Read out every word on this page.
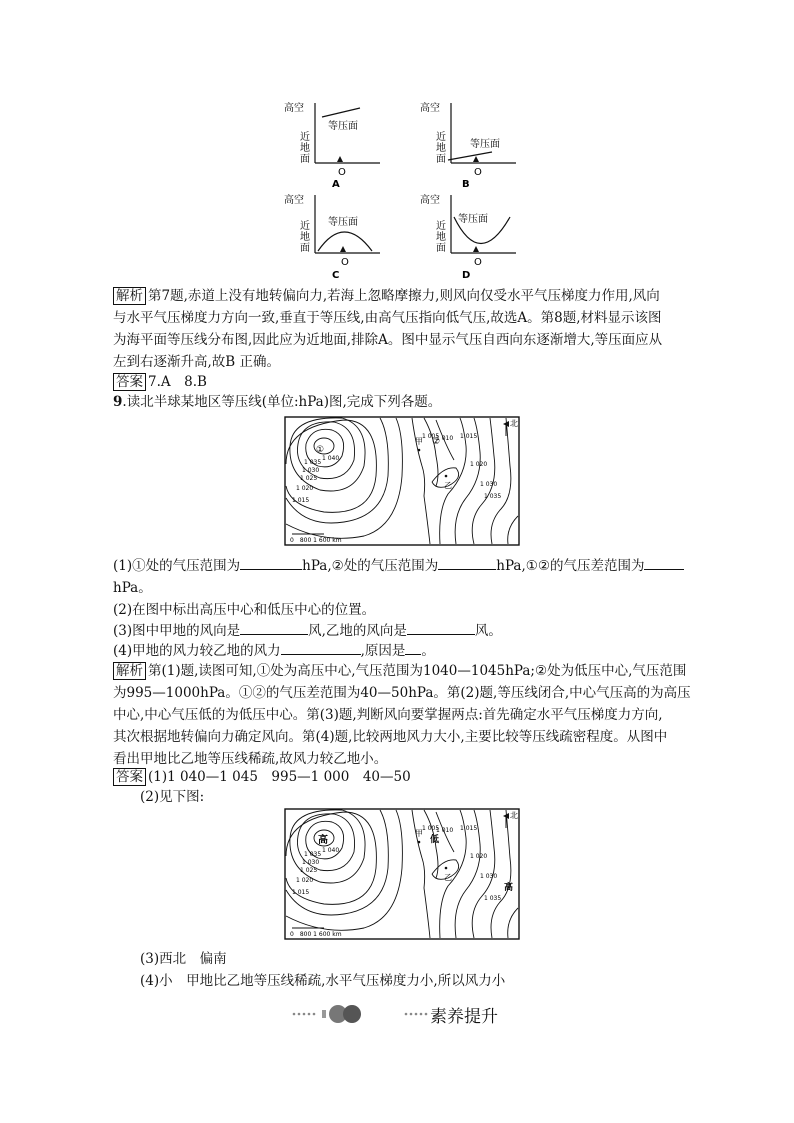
高空
近
地
面
等压面
O
A
高空
近
地
面
等压面
O
B
高空
近
地
面
等压面
O
C
高空
近
地
面
等压面
O
D
解析 第7题,赤道上没有地转偏向力,若海上忽略摩擦力,则风向仅受水平气压梯度力作用,风向
与水平气压梯度力方向一致,垂直于等压线,由高气压指向低气压,故选A。第8题,材料显示该图
为海平面等压线分布图,因此应为近地面,排除A。图中显示气压自西向东逐渐增大,等压面应从
左到右逐渐升高,故B 正确。
答案 7.A　8.B
9.读北半球某地区等压线(单位:hPa)图,完成下列各题。
北
①
甲 ②
乙
1 040
1 035
1 030
1 025
1 020
1 015
1 005
1 010 1 015
1 020
1 030
1 035
0　800 1 600 km
(1)①处的气压范围为	hPa,②处的气压范围为	hPa,①②的气压差范围为
hPa。
(2)在图中标出高压中心和低压中心的位置。
(3)图中甲地的风向是	风,乙地的风向是	风。
(4)甲地的风力较乙地的风力	,原因是 。
解析 第(1)题,读图可知,①处为高压中心,气压范围为1040—1045hPa;②处为低压中心,气压范围
为995—1000hPa。①②的气压差范围为40—50hPa。第(2)题,等压线闭合,中心气压高的为高压
中心,中心气压低的为低压中心。第(3)题,判断风向要掌握两点:首先确定水平气压梯度力方向,
其次根据地转偏向力确定风向。第(4)题,比较两地风力大小,主要比较等压线疏密程度。从图中
看出甲地比乙地等压线稀疏,故风力较乙地小。
答案 (1)1 040—1 045　995—1 000　40—50
(2)见下图:
北
高
甲
低
乙
高
1 040
1 035
1 030
1 025
1 020
1 015
1 005
1 010 1 015
1 020
1 030
1 035
0　800 1 600 km
(3)西北　偏南
(4)小　甲地比乙地等压线稀疏,水平气压梯度力小,所以风力小
素养提升
